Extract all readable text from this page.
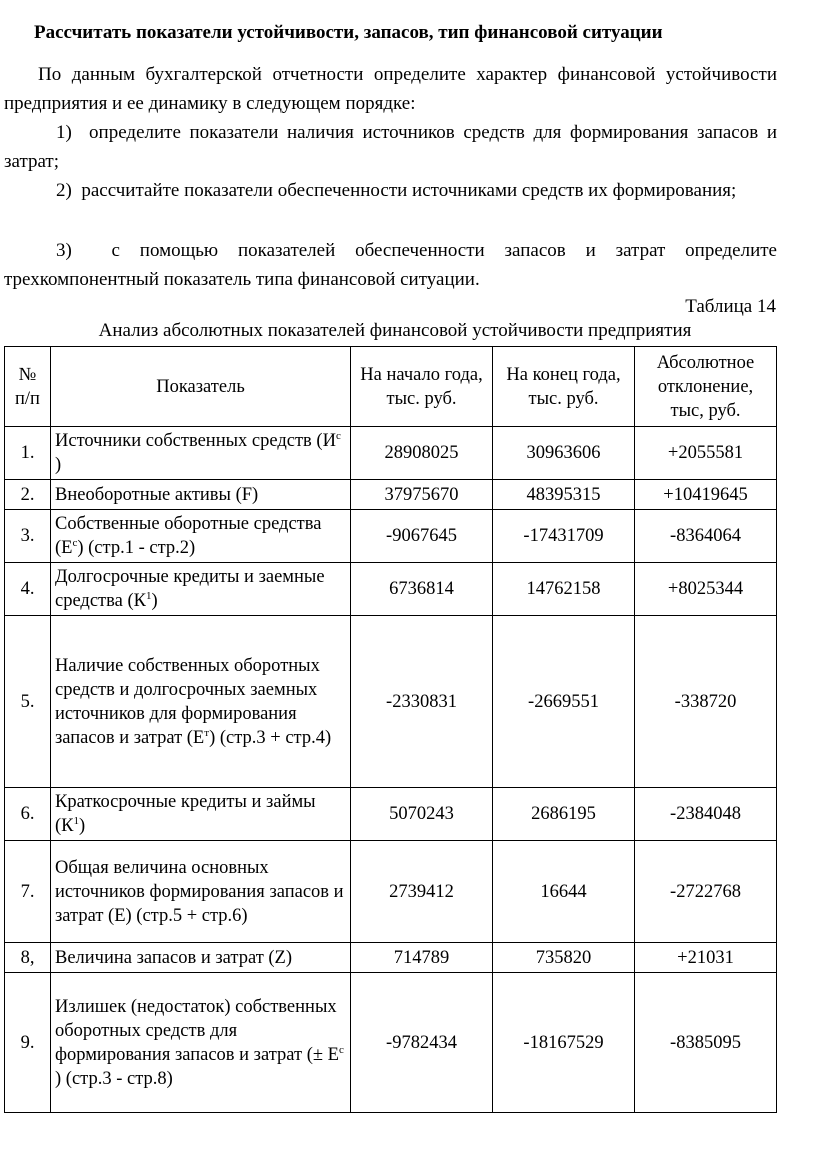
Рассчитать показатели устойчивости, запасов, тип финансовой ситуации
По данным бухгалтерской отчетности определите характер финансовой устойчивости предприятия и ее динамику в следующем порядке:
1) определите показатели наличия источников средств для формирования запасов и затрат;
2) рассчитайте показатели обеспеченности источниками средств их формирования;
3) с помощью показателей обеспеченности запасов и затрат определите трехкомпонентный показатель типа финансовой ситуации.
Таблица 14
Анализ абсолютных показателей финансовой устойчивости предприятия
№ п/п	Показатель	На начало года, тыс. руб.	На конец года, тыс. руб.	Абсолютное отклонение, тыс, руб.
1.	Источники собственных средств ($И^с$ )	28908025	30963606	+2055581
2.	Внеоборотные активы (F)	37975670	48395315	+10419645
3.	Собственные оборотные средства $(Е^с)$ (стр.1 - стр.2)	-9067645	-17431709	-8364064
4.	Долгосрочные кредиты и заемные средства $(К^1)$	6736814	14762158	+8025344
5.	Наличие собственных оборотных средств и долгосрочных заемных источников для формирования запасов и затрат $(Е^т) (стр.3 + стр.4)$	-2330831	-2669551	-338720
6.	Краткосрочные кредиты и займы $(К^1)$	5070243	2686195	-2384048
7.	Общая величина основных источников формирования запасов и затрат (Е) (стр.5 + стр.6)	2739412	16644	-2722768
8,	Величина запасов и затрат (Z)	714789	735820	+21031
9.	Излишек (недостаток) собственных оборотных средств для формирования запасов и затрат (± $Е^с$ ) (стр.3 - стр.8)	-9782434	-18167529	-8385095
